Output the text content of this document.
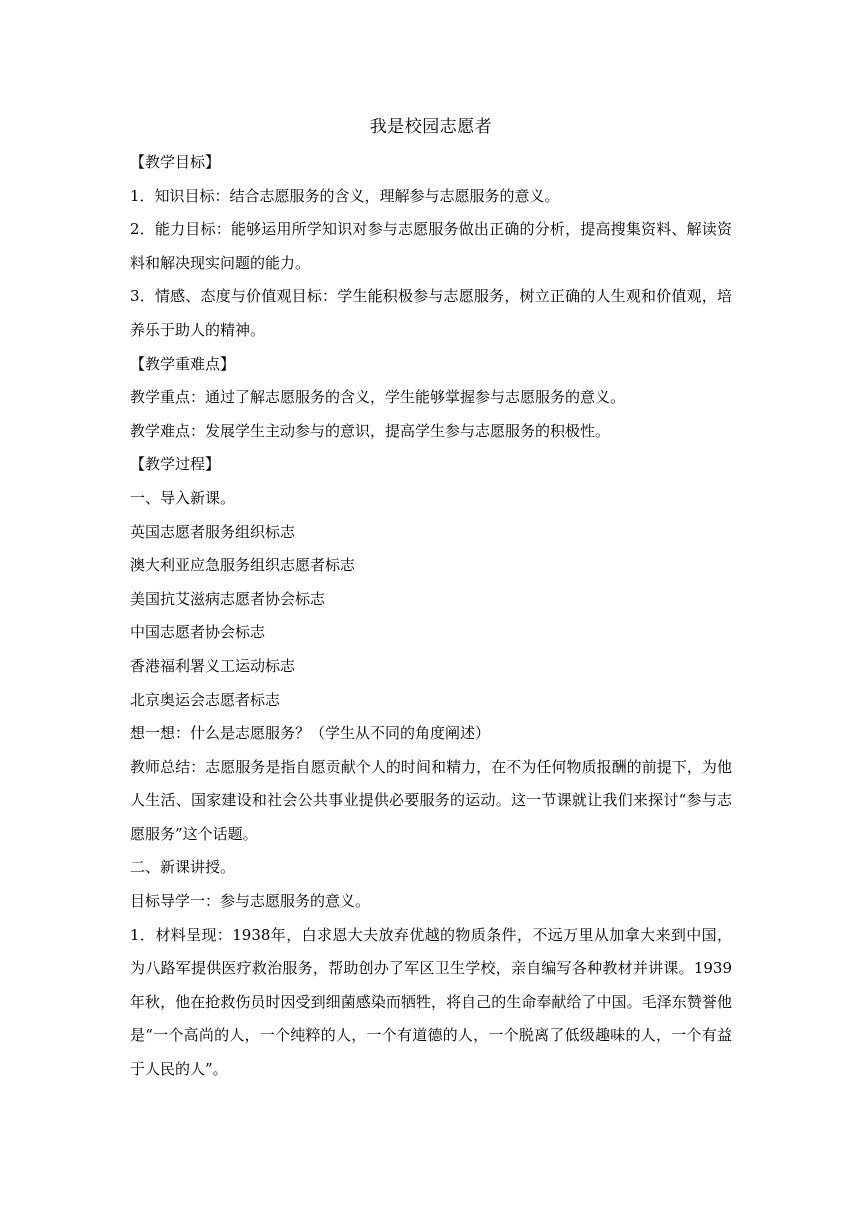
我是校园志愿者

【教学目标】

1．知识目标：结合志愿服务的含义，理解参与志愿服务的意义。

2．能力目标：能够运用所学知识对参与志愿服务做出正确的分析，提高搜集资料、解读资料和解决现实问题的能力。

3．情感、态度与价值观目标：学生能积极参与志愿服务，树立正确的人生观和价值观，培养乐于助人的精神。

【教学重难点】

教学重点：通过了解志愿服务的含义，学生能够掌握参与志愿服务的意义。

教学难点：发展学生主动参与的意识，提高学生参与志愿服务的积极性。

【教学过程】

一、导入新课。

英国志愿者服务组织标志

澳大利亚应急服务组织志愿者标志

美国抗艾滋病志愿者协会标志

中国志愿者协会标志

香港福利署义工运动标志

北京奥运会志愿者标志

想一想：什么是志愿服务？（学生从不同的角度阐述）

教师总结：志愿服务是指自愿贡献个人的时间和精力，在不为任何物质报酬的前提下，为他人生活、国家建设和社会公共事业提供必要服务的运动。这一节课就让我们来探讨“参与志愿服务”这个话题。

二、新课讲授。

目标导学一：参与志愿服务的意义。

1．材料呈现：1938年，白求恩大夫放弃优越的物质条件，不远万里从加拿大来到中国，为八路军提供医疗救治服务，帮助创办了军区卫生学校，亲自编写各种教材并讲课。1939 年秋，他在抢救伤员时因受到细菌感染而牺牲，将自己的生命奉献给了中国。毛泽东赞誉他是“一个高尚的人，一个纯粹的人，一个有道德的人，一个脱离了低级趣味的人，一个有益于人民的人”。
